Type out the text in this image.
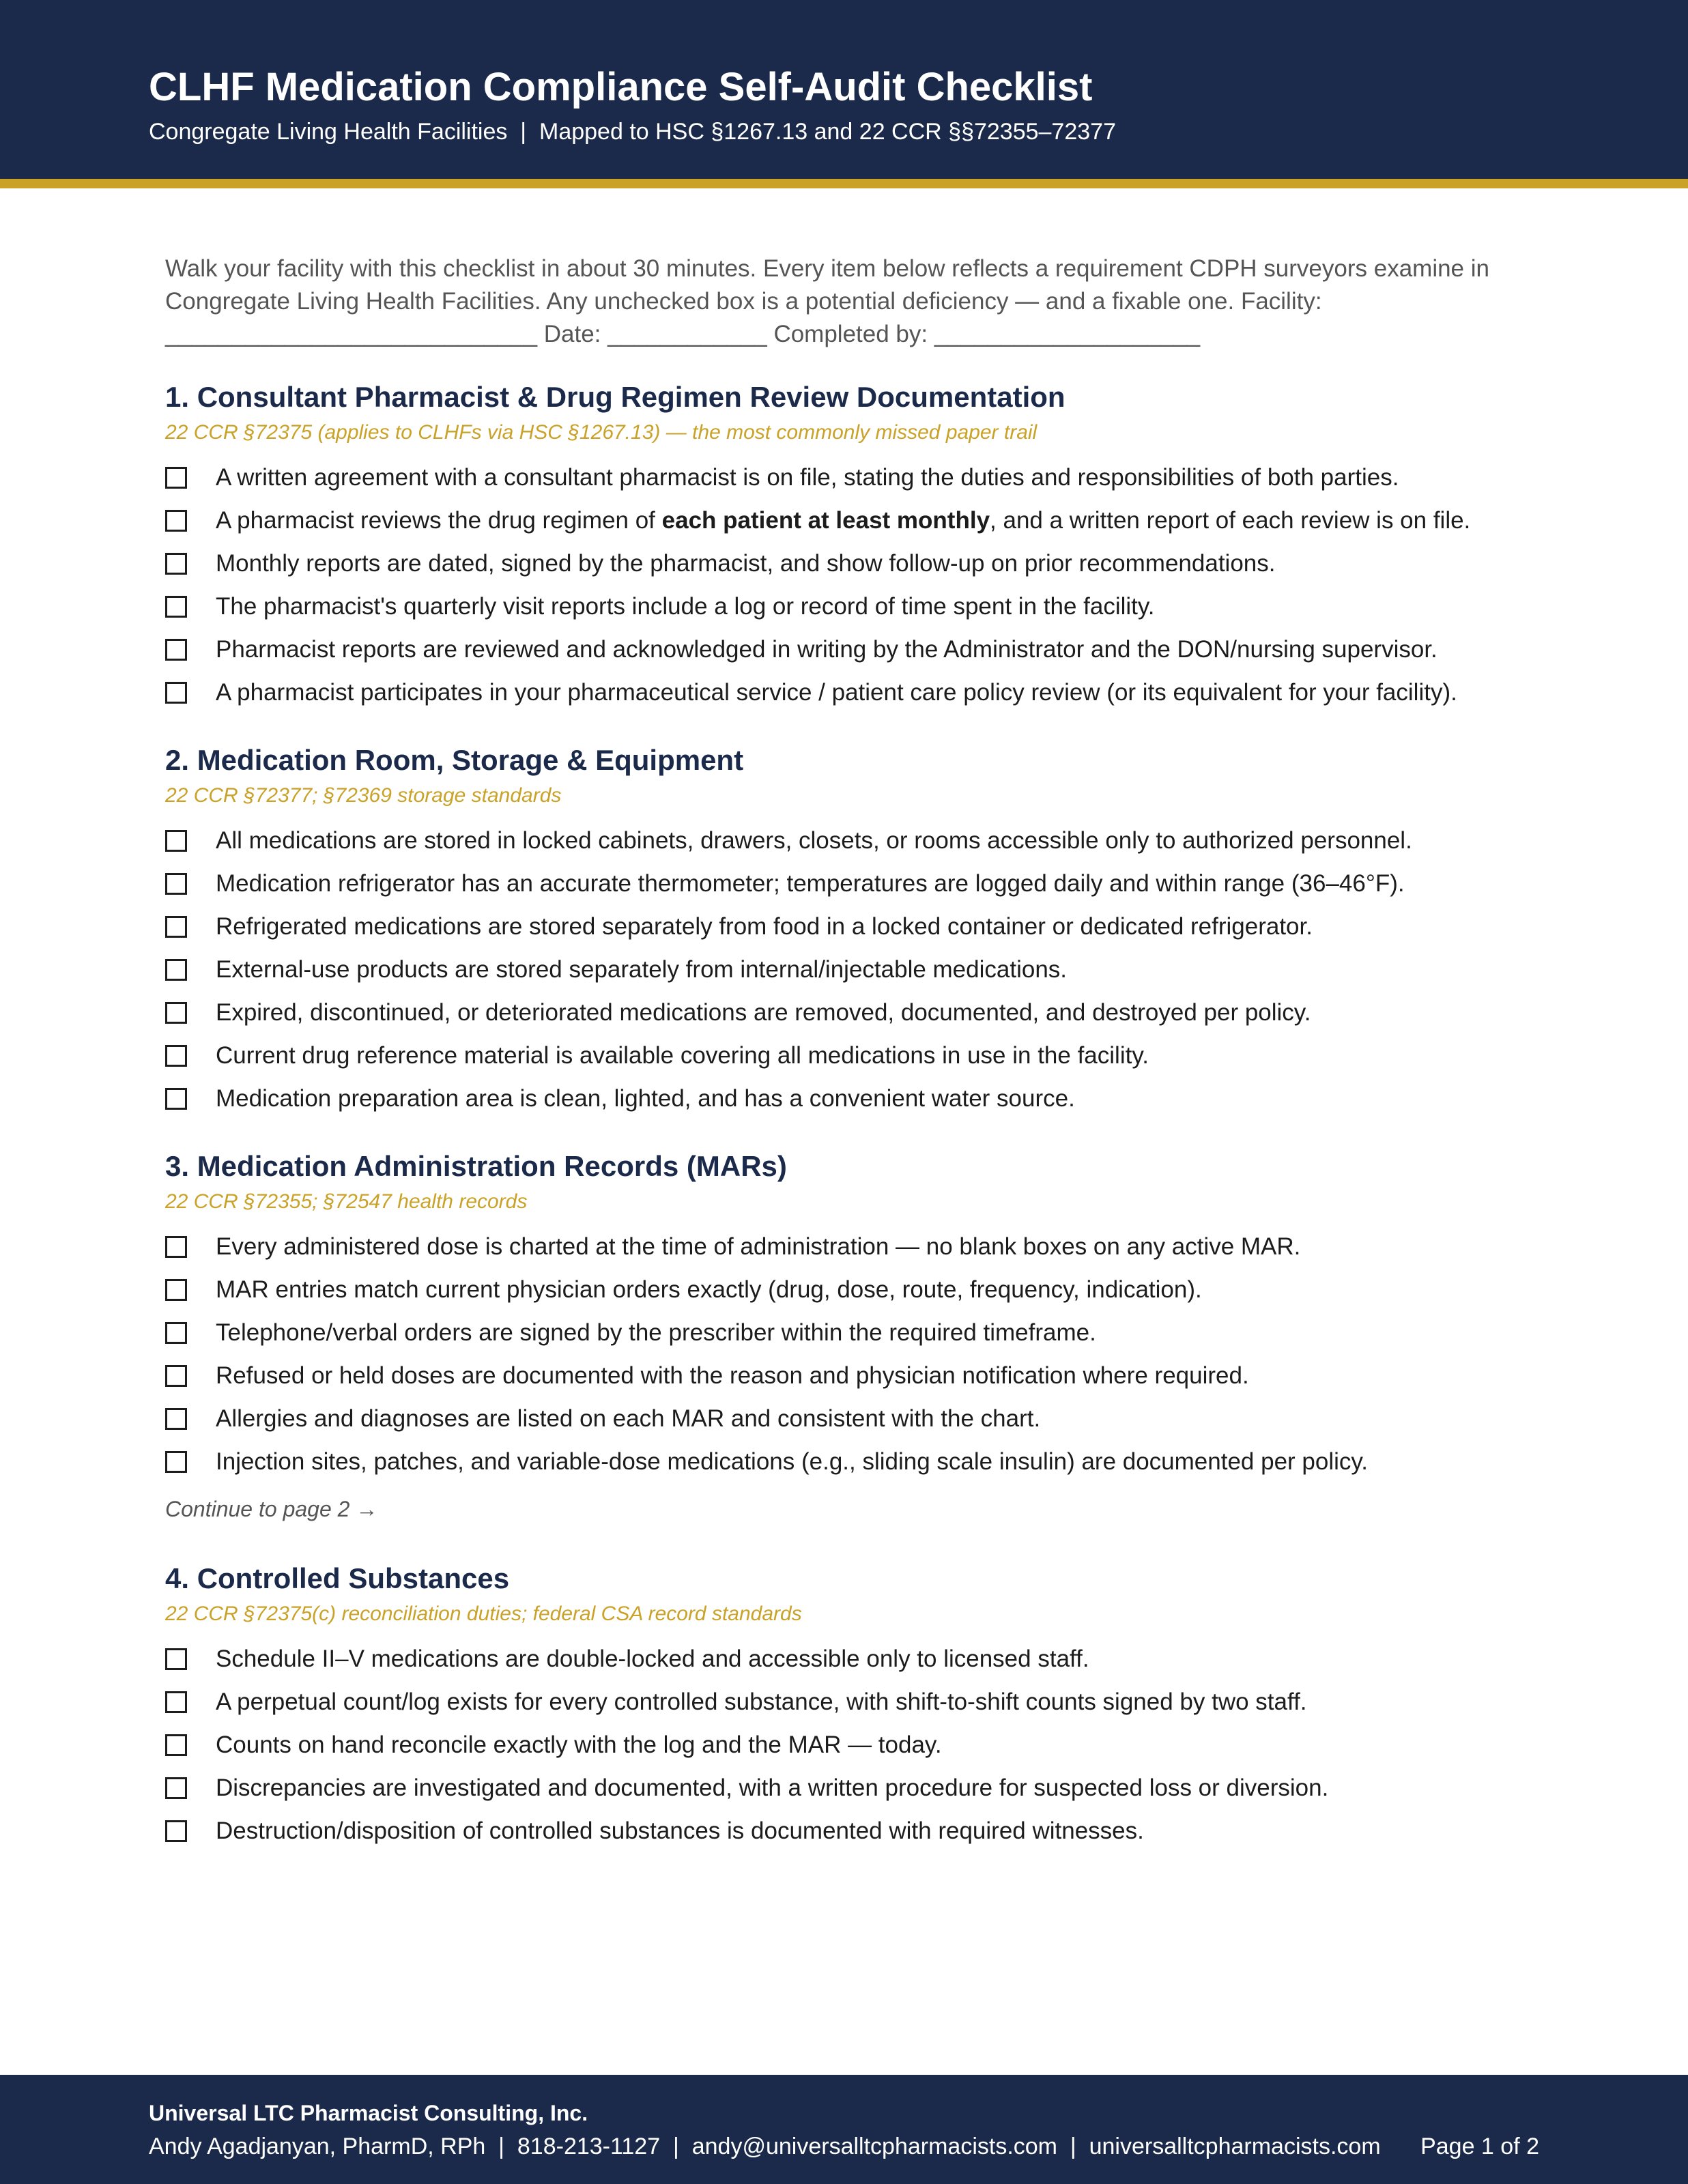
CLHF Medication Compliance Self-Audit Checklist
Congregate Living Health Facilities  |  Mapped to HSC §1267.13 and 22 CCR §§72355–72377

Walk your facility with this checklist in about 30 minutes. Every item below reflects a requirement CDPH surveyors examine in Congregate Living Health Facilities. Any unchecked box is a potential deficiency — and a fixable one. Facility: ____________________________ Date: ____________ Completed by: ____________________

1. Consultant Pharmacist & Drug Regimen Review Documentation
22 CCR §72375 (applies to CLHFs via HSC §1267.13) — the most commonly missed paper trail
A written agreement with a consultant pharmacist is on file, stating the duties and responsibilities of both parties.
A pharmacist reviews the drug regimen of each patient at least monthly, and a written report of each review is on file.
Monthly reports are dated, signed by the pharmacist, and show follow-up on prior recommendations.
The pharmacist's quarterly visit reports include a log or record of time spent in the facility.
Pharmacist reports are reviewed and acknowledged in writing by the Administrator and the DON/nursing supervisor.
A pharmacist participates in your pharmaceutical service / patient care policy review (or its equivalent for your facility).
2. Medication Room, Storage & Equipment
22 CCR §72377; §72369 storage standards
All medications are stored in locked cabinets, drawers, closets, or rooms accessible only to authorized personnel.
Medication refrigerator has an accurate thermometer; temperatures are logged daily and within range (36–46°F).
Refrigerated medications are stored separately from food in a locked container or dedicated refrigerator.
External-use products are stored separately from internal/injectable medications.
Expired, discontinued, or deteriorated medications are removed, documented, and destroyed per policy.
Current drug reference material is available covering all medications in use in the facility.
Medication preparation area is clean, lighted, and has a convenient water source.
3. Medication Administration Records (MARs)
22 CCR §72355; §72547 health records
Every administered dose is charted at the time of administration — no blank boxes on any active MAR.
MAR entries match current physician orders exactly (drug, dose, route, frequency, indication).
Telephone/verbal orders are signed by the prescriber within the required timeframe.
Refused or held doses are documented with the reason and physician notification where required.
Allergies and diagnoses are listed on each MAR and consistent with the chart.
Injection sites, patches, and variable-dose medications (e.g., sliding scale insulin) are documented per policy.
Continue to page 2 →
4. Controlled Substances
22 CCR §72375(c) reconciliation duties; federal CSA record standards
Schedule II–V medications are double-locked and accessible only to licensed staff.
A perpetual count/log exists for every controlled substance, with shift-to-shift counts signed by two staff.
Counts on hand reconcile exactly with the log and the MAR — today.
Discrepancies are investigated and documented, with a written procedure for suspected loss or diversion.
Destruction/disposition of controlled substances is documented with required witnesses.
Universal LTC Pharmacist Consulting, Inc.
Andy Agadjanyan, PharmD, RPh  |  818-213-1127  |  andy@universalltcpharmacists.com  |  universalltcpharmacists.com Page 1 of 2
